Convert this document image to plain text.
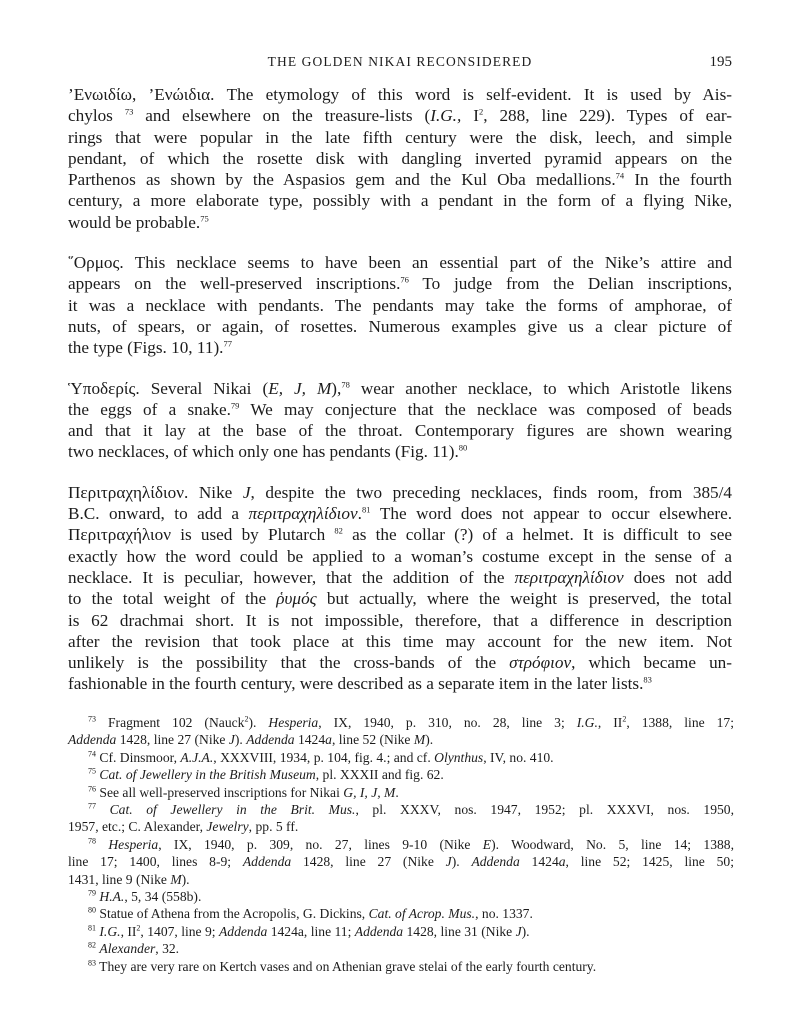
THE GOLDEN NIKAI RECONSIDERED	195
’Ενωιδίω, ’Ενώιδια. The etymology of this word is self-evident. It is used by Ais-
chylos $^{73}$ and elsewhere on the treasure-lists (I.G., $I^2$, 288, line 229). Types of ear-
rings that were popular in the late fifth century were the disk, leech, and simple
pendant, of which the rosette disk with dangling inverted pyramid appears on the
Parthenos as shown by the Aspasios gem and the Kul Oba medallions.$^{74}$ In the fourth
century, a more elaborate type, possibly with a pendant in the form of a flying Nike,
would be probable.$^{75}$
῞Ορμος. This necklace seems to have been an essential part of the Nike’s attire and
appears on the well-preserved inscriptions.$^{76}$ To judge from the Delian inscriptions,
it was a necklace with pendants. The pendants may take the forms of amphorae, of
nuts, of spears, or again, of rosettes. Numerous examples give us a clear picture of
the type (Figs. 10, 11).$^{77}$
Ὑποδερίς. Several Nikai (E, J, M),$^{78}$ wear another necklace, to which Aristotle likens
the eggs of a snake.$^{79}$ We may conjecture that the necklace was composed of beads
and that it lay at the base of the throat. Contemporary figures are shown wearing
two necklaces, of which only one has pendants (Fig. 11).$^{80}$
Περιτραχηλίδιον. Nike J, despite the two preceding necklaces, finds room, from 385/4
B.C. onward, to add a περιτραχηλίδιον.$^{81}$ The word does not appear to occur elsewhere.
Περιτραχήλιον is used by Plutarch $^{82}$ as the collar (?) of a helmet. It is difficult to see
exactly how the word could be applied to a woman’s costume except in the sense of a
necklace. It is peculiar, however, that the addition of the περιτραχηλίδιον does not add
to the total weight of the ῥυμός but actually, where the weight is preserved, the total
is 62 drachmai short. It is not impossible, therefore, that a difference in description
after the revision that took place at this time may account for the new item. Not
unlikely is the possibility that the cross-bands of the στρόφιον, which became un-
fashionable in the fourth century, were described as a separate item in the later lists.$^{83}$
$^{73}$ Fragment 102 (Nauck$^2$). Hesperia, IX, 1940, p. 310, no. 28, line 3; I.G., II$^2$, 1388, line 17;
Addenda 1428, line 27 (Nike J). Addenda 1424a, line 52 (Nike M).
$^{74}$ Cf. Dinsmoor, A.J.A., XXXVIII, 1934, p. 104, fig. 4.; and cf. Olynthus, IV, no. 410.
$^{75}$ Cat. of Jewellery in the British Museum, pl. XXXII and fig. 62.
$^{76}$ See all well-preserved inscriptions for Nikai G, I, J, M.
$^{77}$ Cat. of Jewellery in the Brit. Mus., pl. XXXV, nos. 1947, 1952; pl. XXXVI, nos. 1950,
1957, etc.; C. Alexander, Jewelry, pp. 5 ff.
$^{78}$ Hesperia, IX, 1940, p. 309, no. 27, lines 9-10 (Nike E). Woodward, No. 5, line 14; 1388,
line 17; 1400, lines 8-9; Addenda 1428, line 27 (Nike J). Addenda 1424a, line 52; 1425, line 50;
1431, line 9 (Nike M).
$^{79}$ H.A., 5, 34 (558b).
$^{80}$ Statue of Athena from the Acropolis, G. Dickins, Cat. of Acrop. Mus., no. 1337.
$^{81}$ I.G., II$^2$, 1407, line 9; Addenda 1424a, line 11; Addenda 1428, line 31 (Nike J).
$^{82}$ Alexander, 32.
$^{83}$ They are very rare on Kertch vases and on Athenian grave stelai of the early fourth century.
